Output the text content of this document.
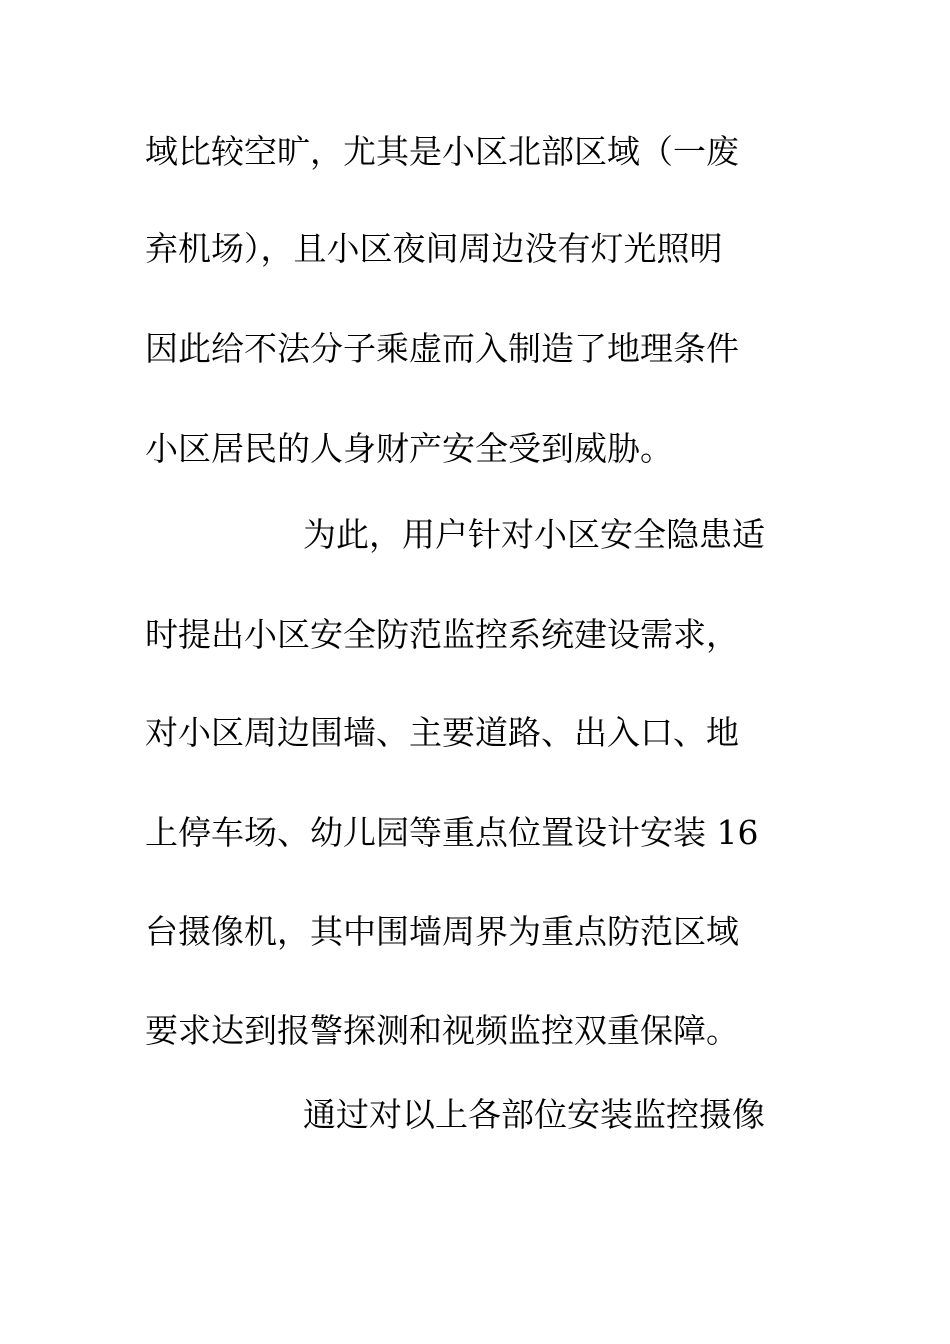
域比较空旷，尤其是小区北部区域（一废
弃机场），且小区夜间周边没有灯光照明
因此给不法分子乘虚而入制造了地理条件
小区居民的人身财产安全受到威胁。
为此，用户针对小区安全隐患适
时提出小区安全防范监控系统建设需求，
对小区周边围墙、主要道路、出入口、地
上停车场、幼儿园等重点位置设计安装 16
台摄像机，其中围墙周界为重点防范区域
要求达到报警探测和视频监控双重保障。
通过对以上各部位安装监控摄像
